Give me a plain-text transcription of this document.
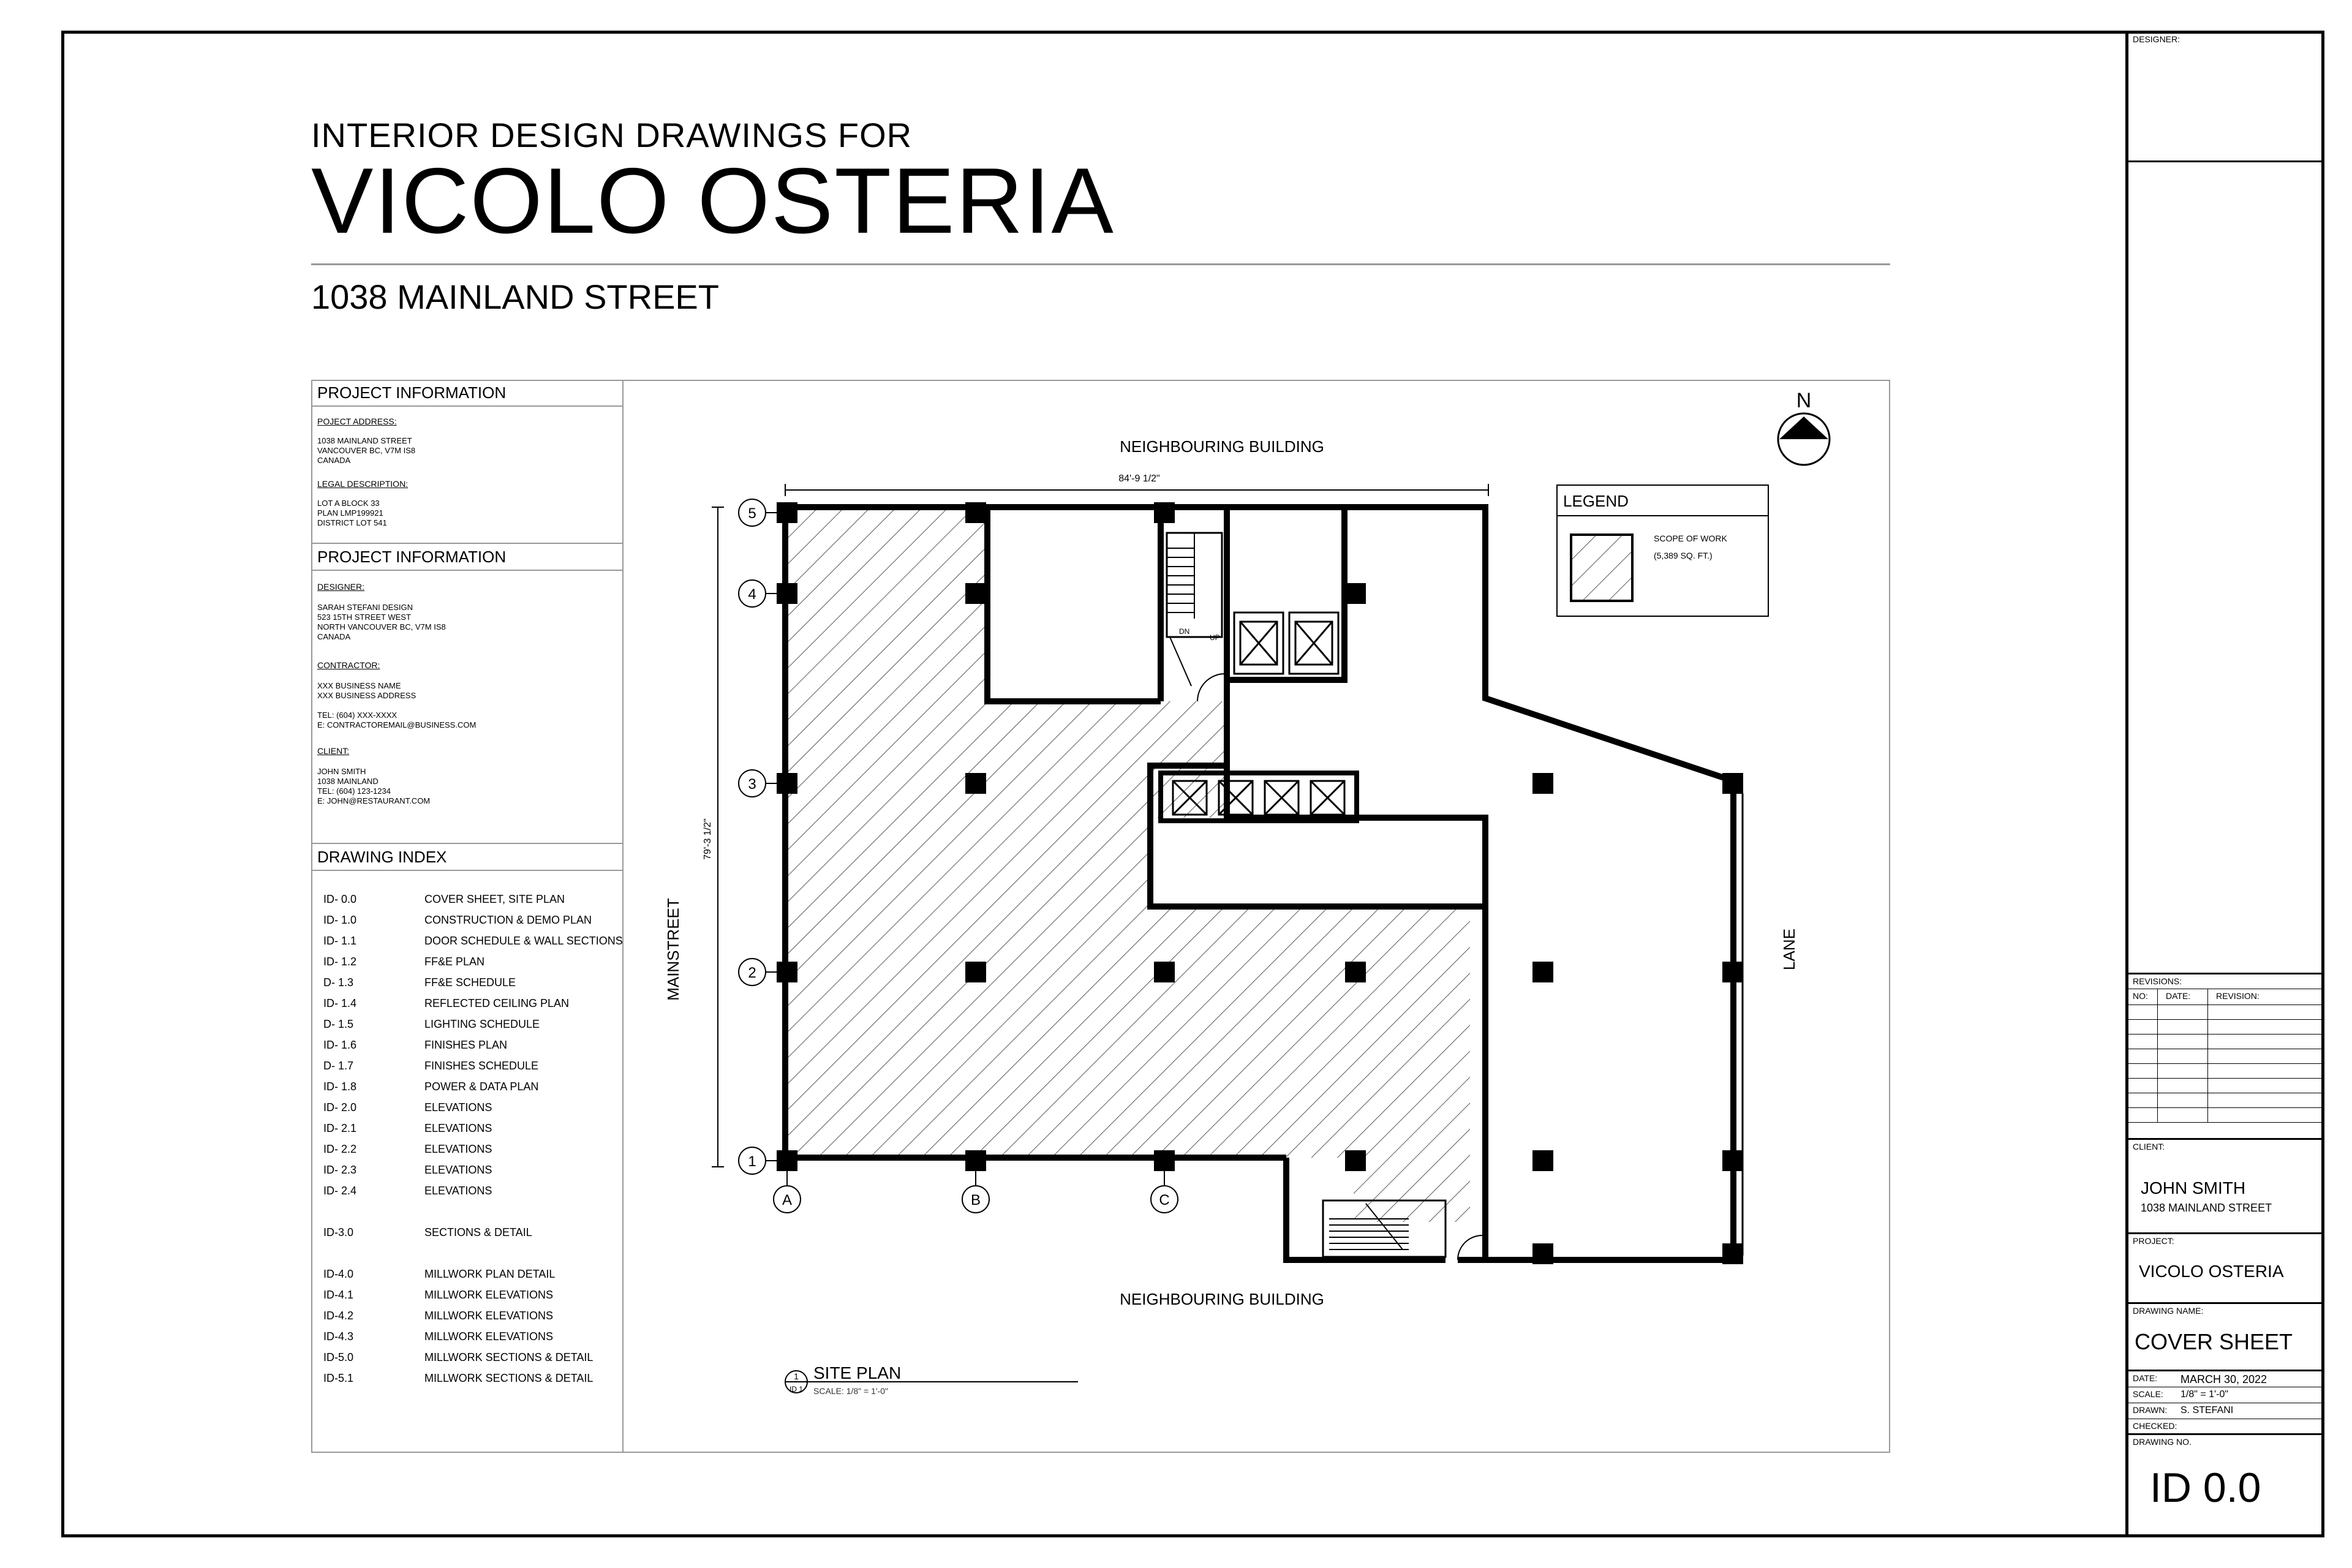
INTERIOR DESIGN DRAWINGS FOR
VICOLO OSTERIA
1038 MAINLAND STREET
PROJECT INFORMATION
POJECT ADDRESS:
1038 MAINLAND STREET
VANCOUVER BC, V7M IS8
CANADA
LEGAL DESCRIPTION:
LOT A BLOCK 33
PLAN LMP199921
DISTRICT LOT 541
PROJECT INFORMATION
DESIGNER:
SARAH STEFANI DESIGN
523 15TH STREET WEST
NORTH VANCOUVER BC, V7M IS8
CANADA
CONTRACTOR:
XXX BUSINESS NAME
XXX BUSINESS ADDRESS

TEL: (604) XXX-XXXX
E: CONTRACTOREMAIL@BUSINESS.COM
CLIENT:
JOHN SMITH
1038 MAINLAND
TEL: (604) 123-1234
E: JOHN@RESTAURANT.COM
DRAWING INDEX
ID- 0.0	COVER SHEET, SITE PLAN
ID- 1.0	CONSTRUCTION & DEMO PLAN
ID- 1.1	DOOR SCHEDULE & WALL SECTIONS
ID- 1.2	FF&E PLAN
D- 1.3	FF&E SCHEDULE
ID- 1.4	REFLECTED CEILING PLAN
D- 1.5	LIGHTING SCHEDULE
ID- 1.6	FINISHES PLAN
D- 1.7	FINISHES SCHEDULE
ID- 1.8	POWER & DATA PLAN
ID- 2.0	ELEVATIONS
ID- 2.1	ELEVATIONS
ID- 2.2	ELEVATIONS
ID- 2.3	ELEVATIONS
ID- 2.4	ELEVATIONS
ID-3.0	SECTIONS & DETAIL
ID-4.0	MILLWORK PLAN DETAIL
ID-4.1	MILLWORK ELEVATIONS
ID-4.2	MILLWORK ELEVATIONS
ID-4.3	MILLWORK ELEVATIONS
ID-5.0	MILLWORK SECTIONS & DETAIL
ID-5.1	MILLWORK SECTIONS & DETAIL
DN
UP
5
4
3
2
1
A	B	C
84'-9 1/2"
79'-3 1/2"
NEIGHBOURING BUILDING
NEIGHBOURING BUILDING
MAINSTREET	LANE
N
LEGEND
SCOPE OF WORK
(5,389 SQ. FT.)
1
ID 1
SITE PLAN
SCALE: 1/8" = 1'-0"
DESIGNER:
REVISIONS:
NO: DATE:	REVISION:
CLIENT:
JOHN SMITH
1038 MAINLAND STREET
PROJECT:
VICOLO OSTERIA
DRAWING NAME:
COVER SHEET
DATE: MARCH 30, 2022
SCALE: 1/8" = 1'-0"
DRAWN: S. STEFANI
CHECKED:
DRAWING NO.
ID 0.0
